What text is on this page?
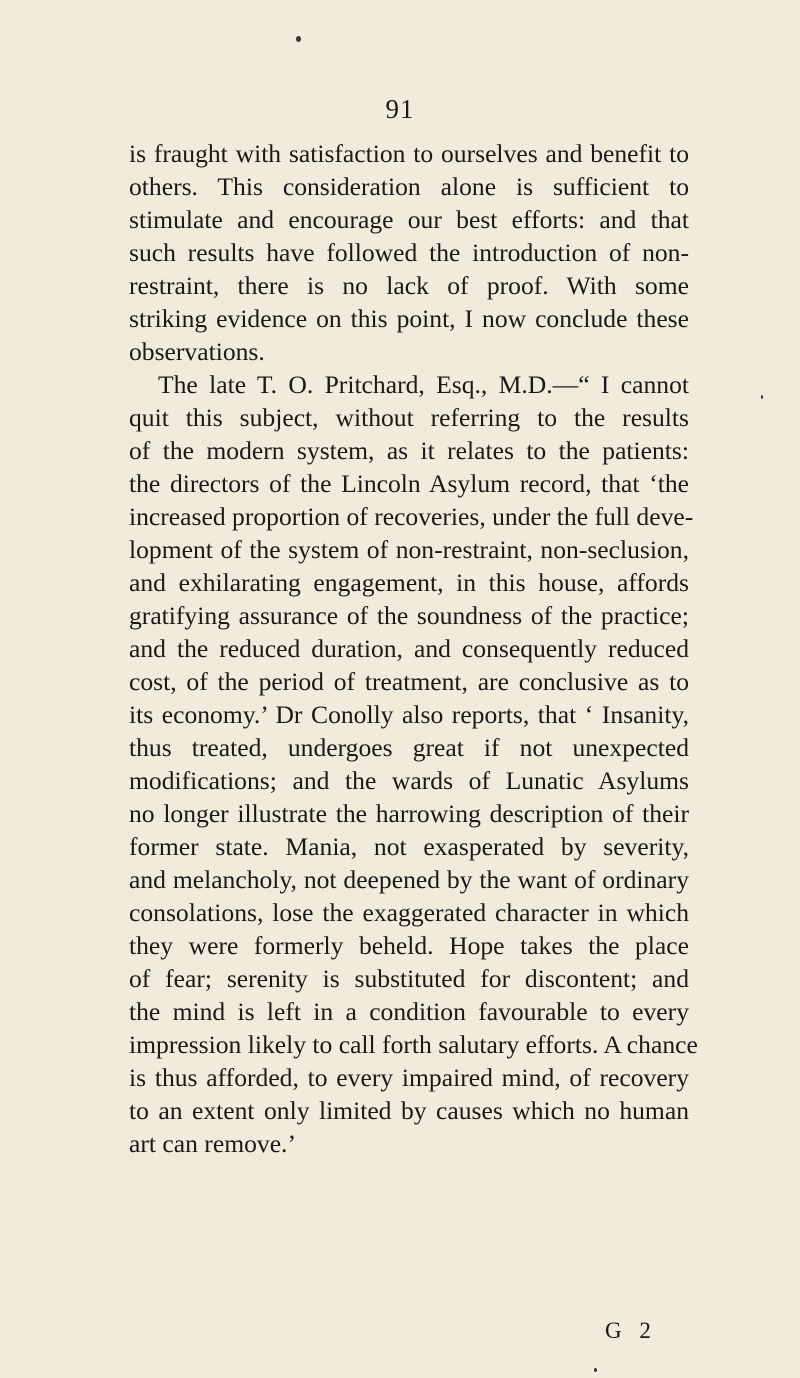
91
is fraught with satisfaction to ourselves and benefit to
others. This consideration alone is sufficient to
stimulate and encourage our best efforts: and that
such results have followed the introduction of non-
restraint, there is no lack of proof. With some
striking evidence on this point, I now conclude these
observations.
The late T. O. Pritchard, Esq., M.D.—“ I cannot
quit this subject, without referring to the results
of the modern system, as it relates to the patients:
the directors of the Lincoln Asylum record, that ‘the
increased proportion of recoveries, under the full deve-
lopment of the system of non-restraint, non-seclusion,
and exhilarating engagement, in this house, affords
gratifying assurance of the soundness of the practice;
and the reduced duration, and consequently reduced
cost, of the period of treatment, are conclusive as to
its economy.’ Dr Conolly also reports, that ‘ Insanity,
thus treated, undergoes great if not unexpected
modifications; and the wards of Lunatic Asylums
no longer illustrate the harrowing description of their
former state. Mania, not exasperated by severity,
and melancholy, not deepened by the want of ordinary
consolations, lose the exaggerated character in which
they were formerly beheld. Hope takes the place
of fear; serenity is substituted for discontent; and
the mind is left in a condition favourable to every
impression likely to call forth salutary efforts. A chance
is thus afforded, to every impaired mind, of recovery
to an extent only limited by causes which no human
art can remove.’
G 2
